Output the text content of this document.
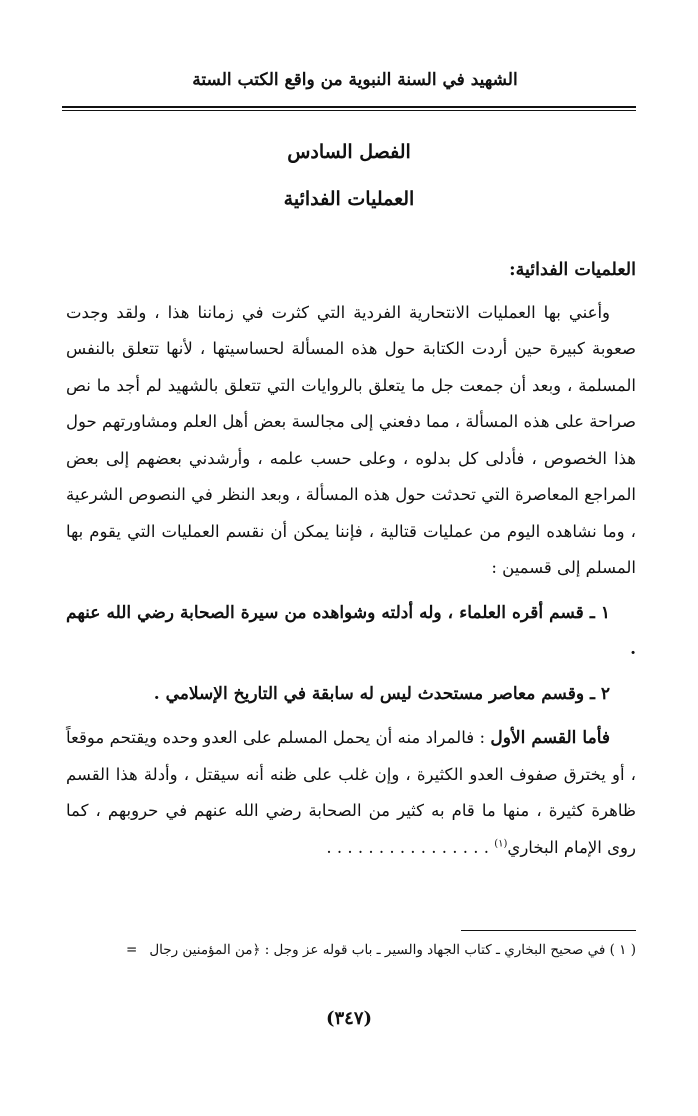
الشهيد في السنة النبوية من واقع الكتب الستة
الفصل السادس
العمليات الفدائية

العلميات الفدائية:

وأعني بها العمليات الانتحارية الفردية التي كثرت في زماننا هذا ، ولقد وجدت صعوبة كبيرة حين أردت الكتابة حول هذه المسألة لحساسيتها ، لأنها تتعلق بالنفس المسلمة ، وبعد أن جمعت جل ما يتعلق بالروايات التي تتعلق بالشهيد لم أجد ما نص صراحة على هذه المسألة ، مما دفعني إلى مجالسة بعض أهل العلم ومشاورتهم حول هذا الخصوص ، فأدلى كل بدلوه ، وعلى حسب علمه ، وأرشدني بعضهم إلى بعض المراجع المعاصرة التي تحدثت حول هذه المسألة ، وبعد النظر في النصوص الشرعية ، وما نشاهده اليوم من عمليات قتالية ، فإننا يمكن أن نقسم العمليات التي يقوم بها المسلم إلى قسمين :

١ ـ قسم أقره العلماء ، وله أدلته وشواهده من سيرة الصحابة رضي الله عنهم .

٢ ـ وقسم معاصر مستحدث ليس له سابقة في التاريخ الإسلامي .

فأما القسم الأول : فالمراد منه أن يحمل المسلم على العدو وحده ويقتحم موقعاً ، أو يخترق صفوف العدو الكثيرة ، وإن غلب على ظنه أنه سيقتل ، وأدلة هذا القسم ظاهرة كثيرة ، منها ما قام به كثير من الصحابة رضي الله عنهم في حروبهم ، كما روى الإمام البخاري$^{(١)}$ . . . . . . . . . . . . . . . .

( ١ ) في صحيح البخاري ـ كتاب الجهاد والسير ـ باب قوله عز وجل : ﴿من المؤمنين رجال=
(٣٤٧)
